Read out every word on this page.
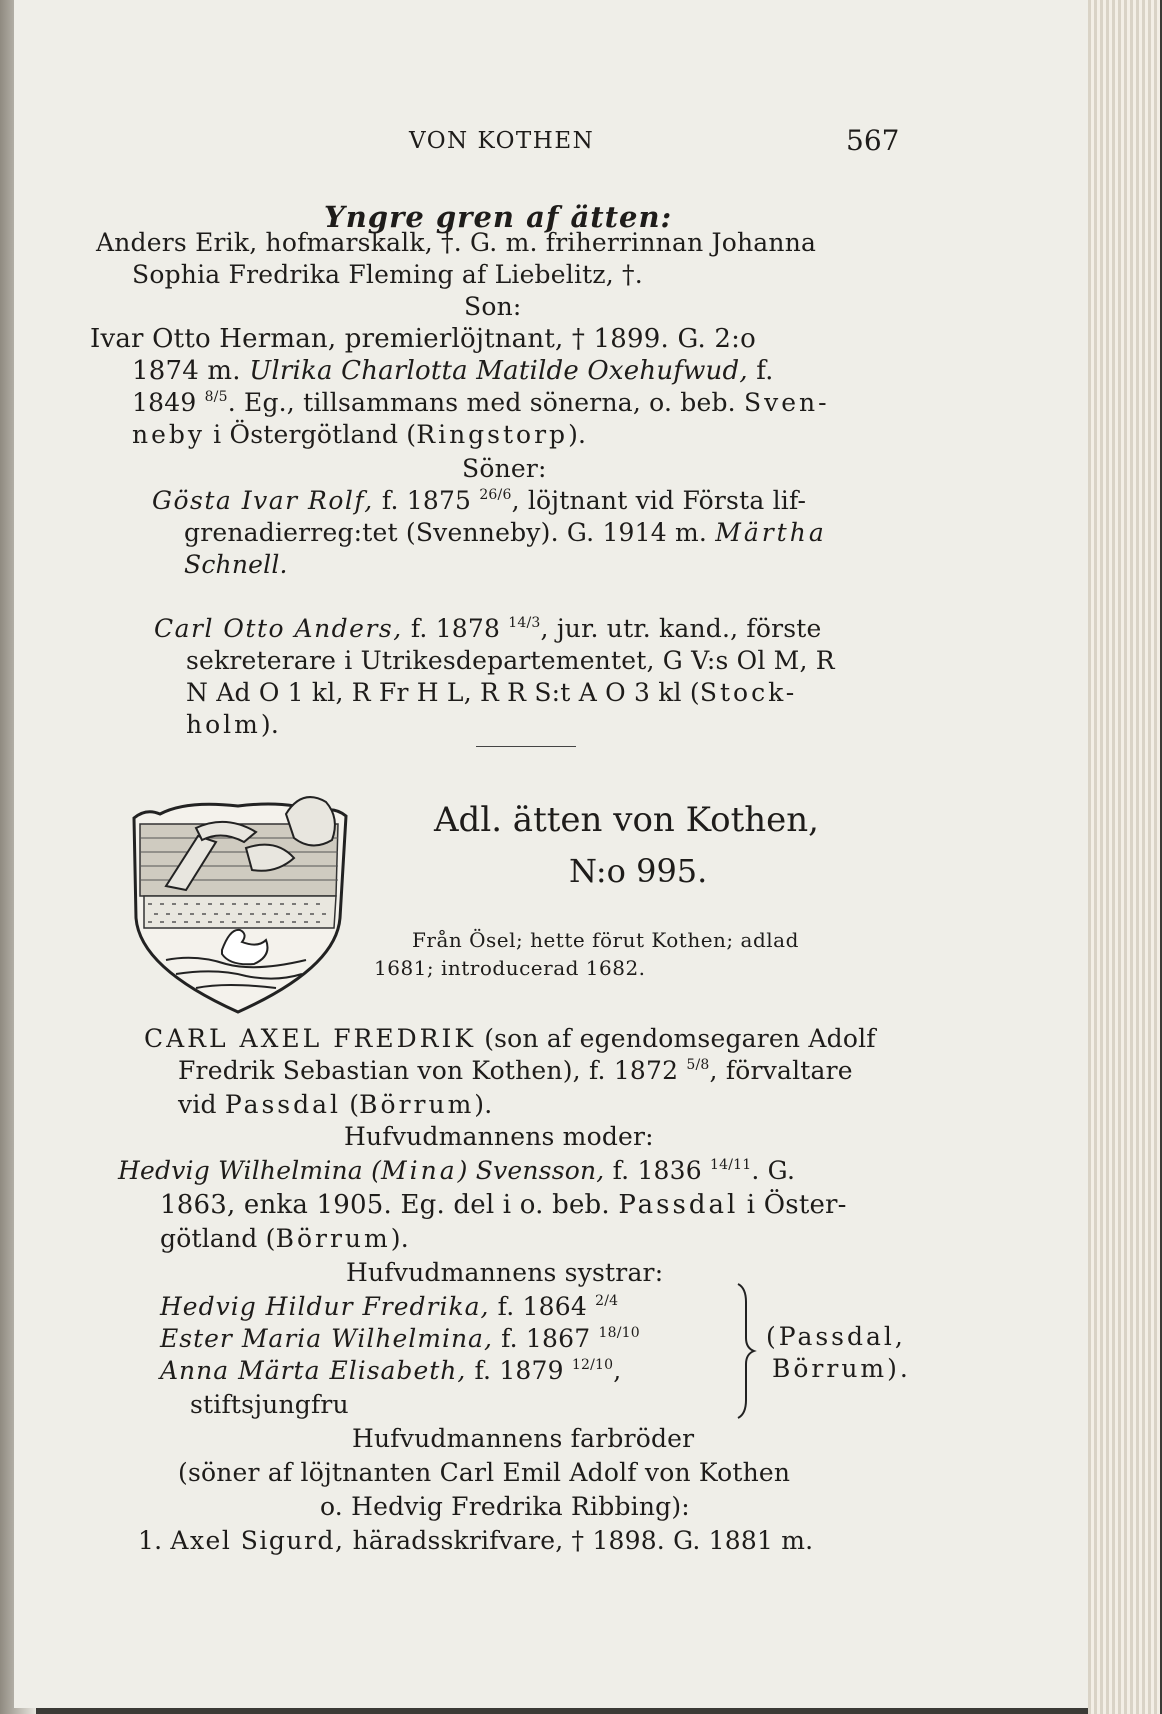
VON KOTHEN	567
Yngre gren af ätten:
Anders Erik, hofmarskalk, †. G. m. friherrinnan Johanna
Sophia Fredrika Fleming af Liebelitz, †.
Son:
Ivar Otto Herman, premierlöjtnant, † 1899. G. 2:o
1874 m. Ulrika Charlotta Matilde Oxehufwud, f.
1849 $^{8/5}$. Eg., tillsammans med sönerna, o. beb. Sven-
neby i Östergötland (Ringstorp).
Söner:
Gösta Ivar Rolf, f. 1875 $^{26/6}$, löjtnant vid Första lif-
grenadierreg:tet (Svenneby). G. 1914 m. Märtha
Schnell.
Carl Otto Anders, f. 1878 $^{14/3}$, jur. utr. kand., förste
sekreterare i Utrikesdepartementet, G V:s Ol M, R
N Ad O 1 kl, R Fr H L, R R S:t A O 3 kl (Stock-
holm).
Adl. ätten von Kothen,
N:o 995.
Från Ösel; hette förut Kothen; adlad
1681; introducerad 1682.
CARL AXEL FREDRIK (son af egendomsegaren Adolf
Fredrik Sebastian von Kothen), f. 1872 $^{5/8}$, förvaltare
vid Passdal (Börrum).
Hufvudmannens moder:
Hedvig Wilhelmina (Mina) Svensson, f. 1836 $^{14/11}$. G.
1863, enka 1905. Eg. del i o. beb. Passdal i Öster-
götland (Börrum).
Hufvudmannens systrar:
Hedvig Hildur Fredrika, f. 1864 $^{2/4}$
Ester Maria Wilhelmina, f. 1867 $^{18/10}$
Anna Märta Elisabeth, f. 1879 $^{12/10}$,
stiftsjungfru
(Passdal,
Börrum).
Hufvudmannens farbröder
(söner af löjtnanten Carl Emil Adolf von Kothen
o. Hedvig Fredrika Ribbing):
1. Axel Sigurd, häradsskrifvare, † 1898. G. 1881 m.
